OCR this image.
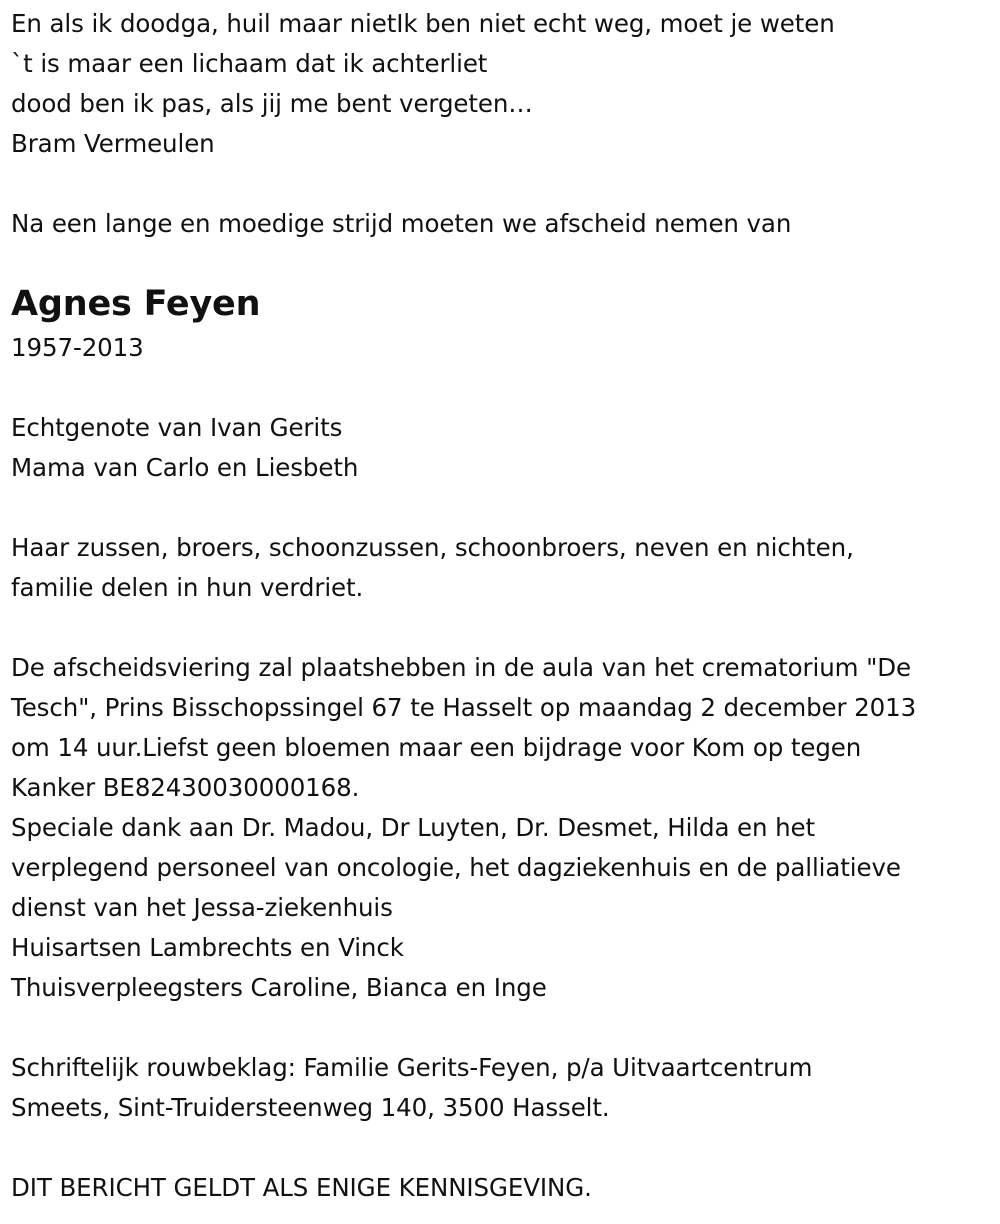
En als ik doodga, huil maar nietIk ben niet echt weg, moet je weten
`t is maar een lichaam dat ik achterliet
dood ben ik pas, als jij me bent vergeten…
Bram Vermeulen
Na een lange en moedige strijd moeten we afscheid nemen van
Agnes Feyen
1957-2013
Echtgenote van Ivan Gerits
Mama van Carlo en Liesbeth
Haar zussen, broers, schoonzussen, schoonbroers, neven en nichten,
familie delen in hun verdriet.
De afscheidsviering zal plaatshebben in de aula van het crematorium "De
Tesch", Prins Bisschopssingel 67 te Hasselt op maandag 2 december 2013
om 14 uur.Liefst geen bloemen maar een bijdrage voor Kom op tegen
Kanker BE82430030000168.
Speciale dank aan Dr. Madou, Dr Luyten, Dr. Desmet, Hilda en het
verplegend personeel van oncologie, het dagziekenhuis en de palliatieve
dienst van het Jessa-ziekenhuis
Huisartsen Lambrechts en Vinck
Thuisverpleegsters Caroline, Bianca en Inge
Schriftelijk rouwbeklag: Familie Gerits-Feyen, p/a Uitvaartcentrum
Smeets, Sint-Truidersteenweg 140, 3500 Hasselt.
DIT BERICHT GELDT ALS ENIGE KENNISGEVING.
